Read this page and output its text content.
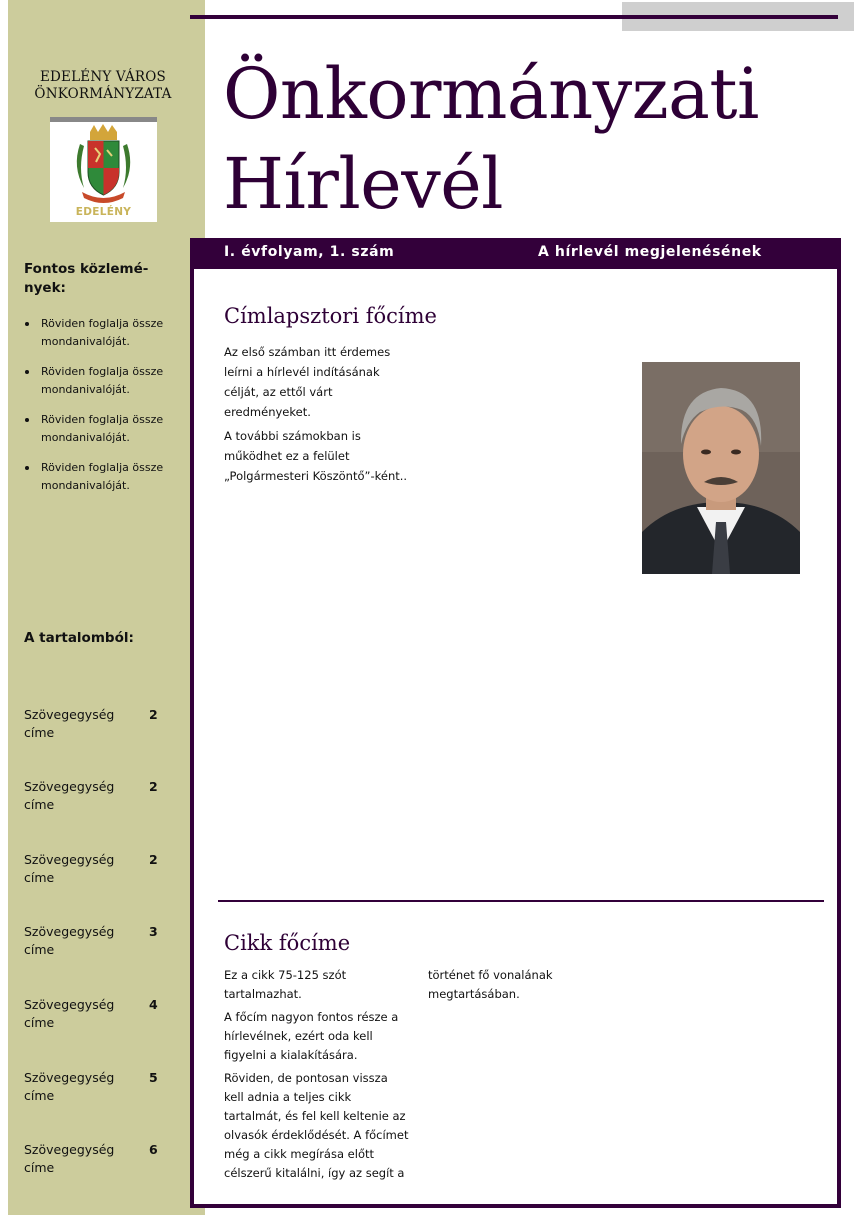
EDELÉNY VÁROS
ÖNKORMÁNYZATA
EDELÉNY
Fontos közlemé-nyek:
Röviden foglalja össze mondanivalóját.
Röviden foglalja össze mondanivalóját.
Röviden foglalja össze mondanivalóját.
Röviden foglalja össze mondanivalóját.
A tartalomból:
Szövegegység címe
2
Szövegegység címe
2
Szövegegység címe
2
Szövegegység címe
3
Szövegegység címe
4
Szövegegység címe
5
Szövegegység címe
6
Önkormányzati
Hírlevél
I. évfolyam, 1. szám	A hírlevél megjelenésének
Címlapsztori főcíme

Az első számban itt érdemes leírni a hírlevél indításának célját, az ettől várt eredményeket.

A további számokban is működhet ez a felület „Polgármesteri Köszöntő”-ként..

Cikk főcíme

Ez a cikk 75-125 szót tartalmazhat.

A főcím nagyon fontos része a hírlevélnek, ezért oda kell figyelni a kialakítására.

Röviden, de pontosan vissza kell adnia a teljes cikk tartalmát, és fel kell keltenie az olvasók érdeklődését. A főcímet még a cikk megírása előtt célszerű kitalálni, így az segít a

történet fő vonalának megtartásában.
